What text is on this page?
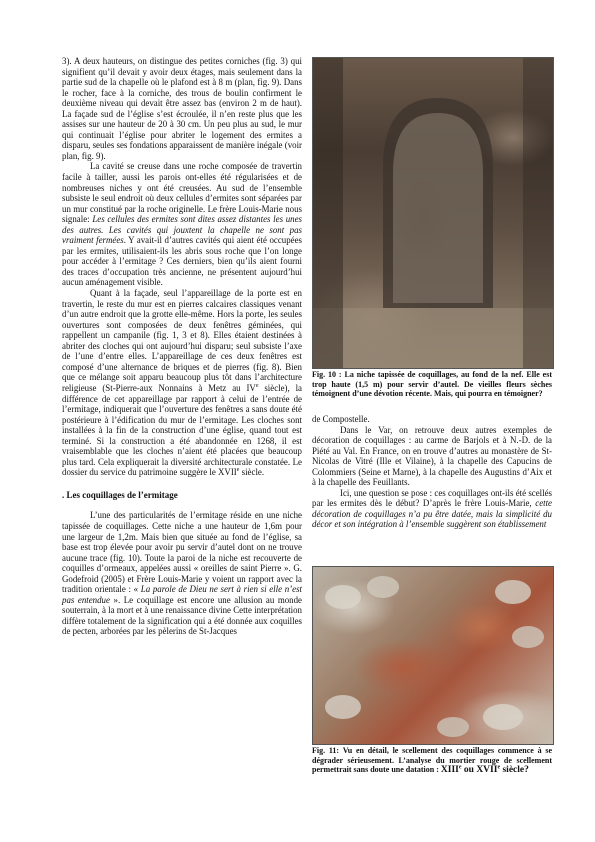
3). A deux hauteurs, on distingue des petites corniches (fig. 3) qui signifient qu’il devait y avoir deux étages, mais seulement dans la partie sud de la chapelle où le plafond est à 8 m (plan, fig. 9). Dans le rocher, face à la corniche, des trous de boulin confirment le deuxième niveau qui devait être assez bas (environ 2 m de haut). La façade sud de l’église s’est écroulée, il n’en reste plus que les assises sur une hauteur de 20 à 30 cm. Un peu plus au sud, le mur qui continuait l’église pour abriter le logement des ermites a disparu, seules ses fondations apparaissent de manière inégale (voir plan, fig. 9).

La cavité se creuse dans une roche composée de travertin facile à tailler, aussi les parois ont-elles été régularisées et de nombreuses niches y ont été creusées. Au sud de l’ensemble subsiste le seul endroit où deux cellules d’ermites sont séparées par un mur constitué par la roche originelle. Le frère Louis-Marie nous signale: Les cellules des ermites sont dites assez distantes les unes des autres. Les cavités qui jouxtent la chapelle ne sont pas vraiment fermées. Y avait-il d’autres cavités qui aient été occupées par les ermites, utilisaient-ils les abris sous roche que l’on longe pour accéder à l’ermitage ? Ces derniers, bien qu’ils aient fourni des traces d’occupation très ancienne, ne présentent aujourd’hui aucun aménagement visible.

Quant à la façade, seul l’appareillage de la porte est en travertin, le reste du mur est en pierres calcaires classiques venant d’un autre endroit que la grotte elle-même. Hors la porte, les seules ouvertures sont composées de deux fenêtres géminées, qui rappellent un campanile (fig. 1, 3 et 8). Elles étaient destinées à abriter des cloches qui ont aujourd’hui disparu; seul subsiste l’axe de l’une d’entre elles. L’appareillage de ces deux fenêtres est composé d’une alternance de briques et de pierres (fig. 8). Bien que ce mélange soit apparu beaucoup plus tôt dans l’architecture religieuse (St-Pierre-aux Nonnains à Metz au IVe siècle), la différence de cet appareillage par rapport à celui de l’entrée de l’ermitage, indiquerait que l’ouverture des fenêtres a sans doute été postérieure à l’édification du mur de l’ermitage. Les cloches sont installées à la fin de la construction d’une église, quand tout est terminé. Si la construction a été abandonnée en 1268, il est vraisemblable que les cloches n’aient été placées que beaucoup plus tard. Cela expliquerait la diversité architecturale constatée. Le dossier du service du patrimoine suggère le XVIIe siècle.

. Les coquillages de l’ermitage

L’une des particularités de l’ermitage réside en une niche tapissée de coquillages. Cette niche a une hauteur de 1,6m pour une largeur de 1,2m. Mais bien que située au fond de l’église, sa base est trop élevée pour avoir pu servir d’autel dont on ne trouve aucune trace (fig. 10). Toute la paroi de la niche est recouverte de coquilles d’ormeaux, appelées aussi « oreilles de saint Pierre ». G. Godefroid (2005) et Frère Louis-Marie y voient un rapport avec la tradition orientale : « La parole de Dieu ne sert à rien si elle n’est pas entendue ». Le coquillage est encore une allusion au monde souterrain, à la mort et à une renaissance divine Cette interprétation diffère totalement de la signification qui a été donnée aux coquilles de pecten, arborées par les pèlerins de St-Jacques

Fig. 10 : La niche tapissée de coquillages, au fond de la nef. Elle est trop haute (1,5 m) pour servir d’autel. De vieilles fleurs sèches témoignent d’une dévotion récente. Mais, qui pourra en témoigner?

de Compostelle.

Dans le Var, on retrouve deux autres exemples de décoration de coquillages : au carme de Barjols et à N.-D. de la Piété au Val. En France, on en trouve d’autres au monastère de St-Nicolas de Vitré (Ille et Vilaine), à la chapelle des Capucins de Colommiers (Seine et Marne), à la chapelle des Augustins d’Aix et à la chapelle des Feuillants.

Ici, une question se pose : ces coquillages ont-ils été scellés par les ermites dès le début? D’après le frère Louis-Marie, cette décoration de coquillages n’a pu être datée, mais la simplicité du décor et son intégration à l’ensemble suggèrent son établissement

Fig. 11: Vu en détail, le scellement des coquillages commence à se dégrader sérieusement. L’analyse du mortier rouge de scellement permettrait sans doute une datation : XIIIe ou XVIIe siècle?
